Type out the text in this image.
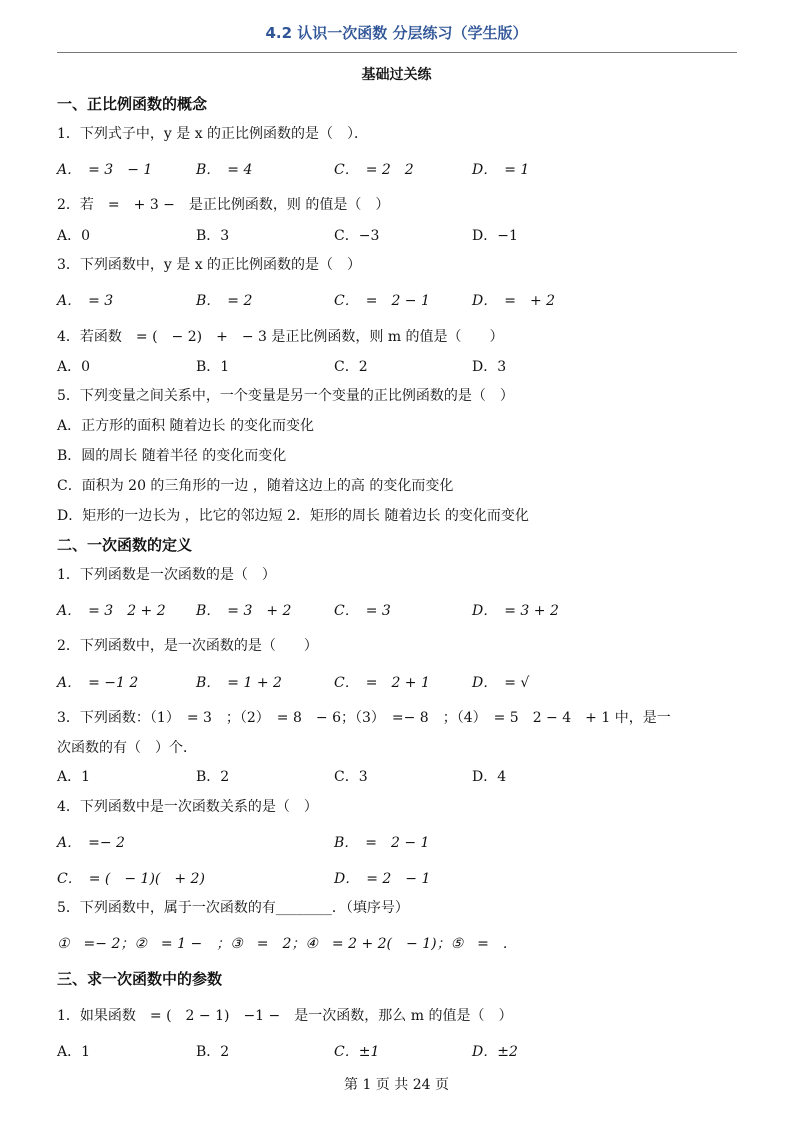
4.2 认识一次函数 分层练习（学生版）
基础过关练
一、正比例函数的概念
1．下列式子中，y 是 x 的正比例函数的是（　）．
A．　= 3　− 1	B．　= 4	C．　= 2　2	D．　= 1
2．若　=　+ 3 −　是正比例函数，则 的值是（　）
A．0	B．3	C．−3	D．−1
3．下列函数中，y 是 x 的正比例函数的是（　）
A．　= 3	B．　= 2	C．　=　2 − 1	D．　=　+ 2
4．若函数　= (　− 2)　+　− 3 是正比例函数，则 m 的值是（　　）
A．0	B．1	C．2	D．3
5．下列变量之间关系中，一个变量是另一个变量的正比例函数的是（　）
A．正方形的面积 随着边长 的变化而变化
B．圆的周长 随着半径 的变化而变化
C．面积为 20 的三角形的一边 ，随着这边上的高 的变化而变化
D．矩形的一边长为 ，比它的邻边短 2．矩形的周长 随着边长 的变化而变化
二、一次函数的定义
1．下列函数是一次函数的是（　）
A．　= 3　2 + 2 B．　= 3　+ 2	C．　= 3	D．　= 3 + 2
2．下列函数中，是一次函数的是（　　）
A．　= −1 2	B．　= 1 + 2	C．　=　2 + 1	D．　= √
3．下列函数：（1）　= 3　；（2）　= 8　− 6；（3）　=− 8　；（4）　= 5　2 − 4　+ 1 中，是一
次函数的有（　）个．
A．1	B．2	C．3	D．4
4．下列函数中是一次函数关系的是（　）
A．　=− 2	B．　=　2 − 1
C．　= (　− 1)(　+ 2)	D．　= 2　− 1
5．下列函数中，属于一次函数的有________．（填序号）
①　=− 2；②　= 1 −　；③　=　2；④　= 2 + 2(　− 1)；⑤　=　.
三、求一次函数中的参数
1．如果函数　= (　2 − 1)　−1 −　是一次函数，那么 m 的值是（　）
A．1	B．2	C．±1	D．±2
第 1 页 共 24 页
